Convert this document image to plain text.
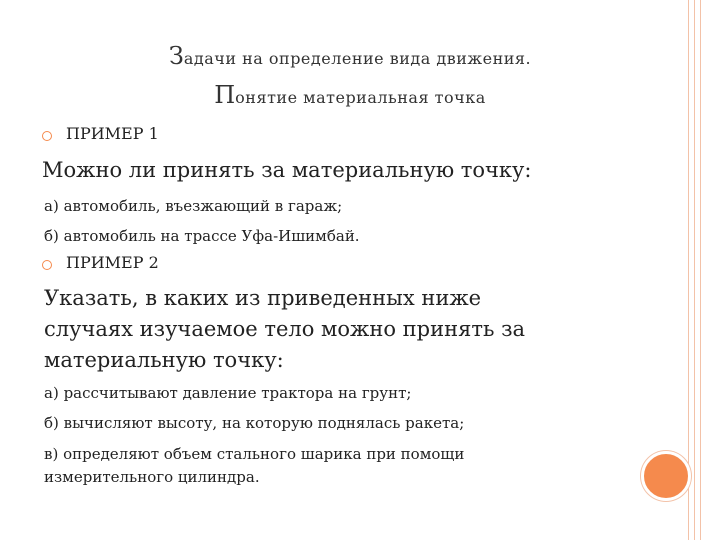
Задачи на определение вида движения.
Понятие материальная точка
ПРИМЕР 1
Можно ли принять за материальную точку:
а) автомобиль, въезжающий в гараж;
б) автомобиль на трассе Уфа-Ишимбай.
ПРИМЕР 2
Указать, в каких из приведенных ниже
случаях изучаемое тело можно принять за
материальную точку:
а) рассчитывают давление трактора на грунт;
б) вычисляют высоту, на которую поднялась ракета;
в) определяют объем стального шарика при помощи
измерительного цилиндра.
